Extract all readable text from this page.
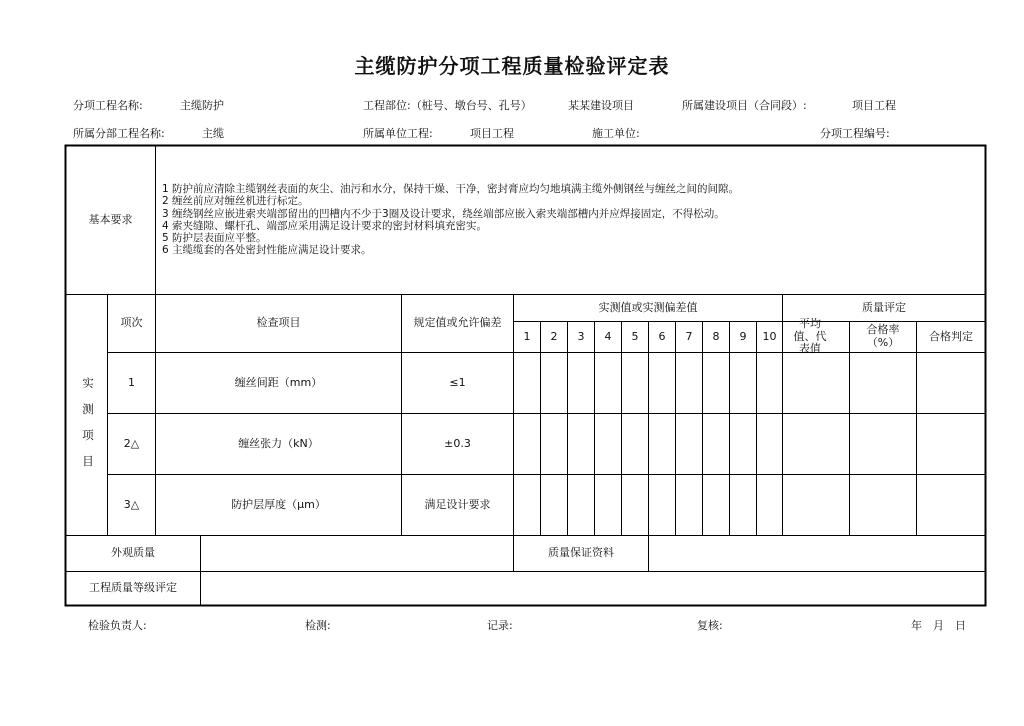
主缆防护分项工程质量检验评定表
分项工程名称:	主缆防护	工程部位:（桩号、墩台号、孔号）	某某建设项目	所属建设项目（合同段）:	项目工程
所属分部工程名称:	主缆	所属单位工程:	项目工程	施工单位:	分项工程编号:
基本要求
1 防护前应清除主缆钢丝表面的灰尘、油污和水分，保持干燥、干净，密封膏应均匀地填满主缆外侧钢丝与缠丝之间的间隙。
2 缠丝前应对缠丝机进行标定。
3 缠绕钢丝应嵌进索夹端部留出的凹槽内不少于3圈及设计要求，绕丝端部应嵌入索夹端部槽内并应焊接固定，不得松动。
4 索夹缝隙、螺杆孔、端部应采用满足设计要求的密封材料填充密实。
5 防护层表面应平整。
6 主缆缆套的各处密封性能应满足设计要求。
实
测
项
目
项次	检查项目	规定值或允许偏差
实测值或实测偏差值	质量评定
1	2	3	4	5	6	7	8	9	10
平均值、代表值
合格率（%）	合格判定
1	缠丝间距（mm）	≤1
2△	缠丝张力（kN）	±0.3
3△	防护层厚度（μm）	满足设计要求
外观质量	质量保证资料
工程质量等级评定
检验负责人:	检测:	记录:	复核:	年　月　日
